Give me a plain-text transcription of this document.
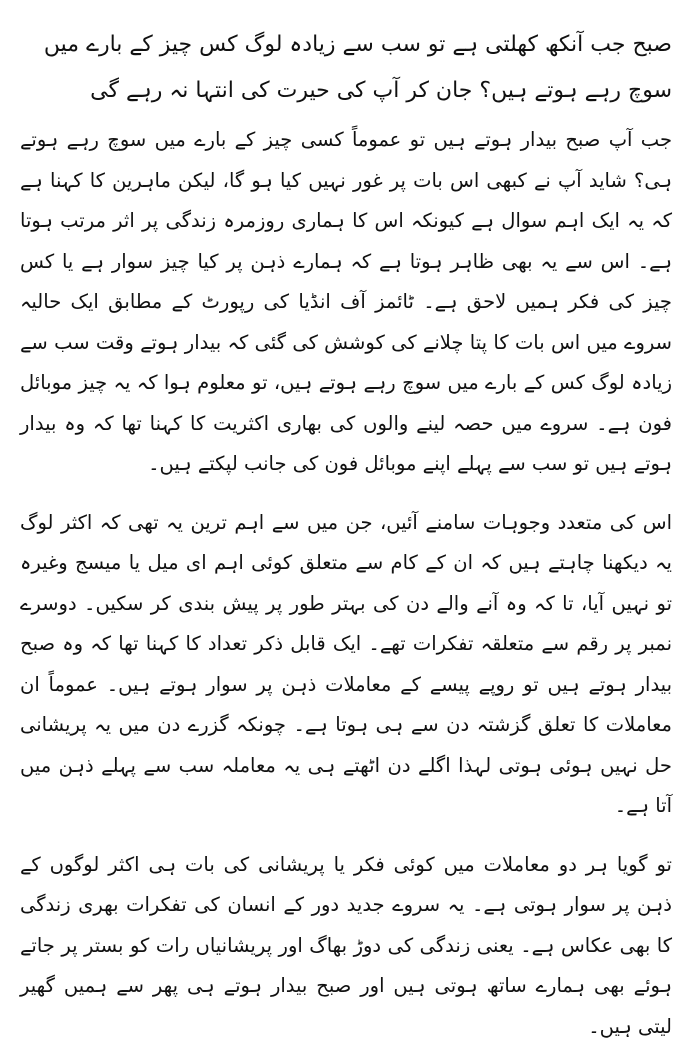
صبح جب آنکھ کھلتی ہے تو سب سے زیادہ لوگ کس چیز کے بارے میں سوچ رہے ہوتے ہیں؟ جان کر آپ کی حیرت کی انتہا نہ رہے گی

جب آپ صبح بیدار ہوتے ہیں تو عموماً کسی چیز کے بارے میں سوچ رہے ہوتے ہی؟ شاید آپ نے کبھی اس بات پر غور نہیں کیا ہو گا، لیکن ماہرین کا کہنا ہے کہ یہ ایک اہم سوال ہے کیونکہ اس کا ہماری روزمرہ زندگی پر اثر مرتب ہوتا ہے۔ اس سے یہ بھی ظاہر ہوتا ہے کہ ہمارے ذہن پر کیا چیز سوار ہے یا کس چیز کی فکر ہمیں لاحق ہے۔ ٹائمز آف انڈیا کی رپورٹ کے مطابق ایک حالیہ سروے میں اس بات کا پتا چلانے کی کوشش کی گئی کہ بیدار ہوتے وقت سب سے زیادہ لوگ کس کے بارے میں سوچ رہے ہوتے ہیں، تو معلوم ہوا کہ یہ چیز موبائل فون ہے۔ سروے میں حصہ لینے والوں کی بھاری اکثریت کا کہنا تھا کہ وہ بیدار ہوتے ہیں تو سب سے پہلے اپنے موبائل فون کی جانب لپکتے ہیں۔

اس کی متعدد وجوہات سامنے آئیں، جن میں سے اہم ترین یہ تھی کہ اکثر لوگ یہ دیکھنا چاہتے ہیں کہ ان کے کام سے متعلق کوئی اہم ای میل یا میسج وغیرہ تو نہیں آیا، تا کہ وہ آنے والے دن کی بہتر طور پر پیش بندی کر سکیں۔ دوسرے نمبر پر رقم سے متعلقہ تفکرات تھے۔ ایک قابل ذکر تعداد کا کہنا تھا کہ وہ صبح بیدار ہوتے ہیں تو روپے پیسے کے معاملات ذہن پر سوار ہوتے ہیں۔ عموماً ان معاملات کا تعلق گزشتہ دن سے ہی ہوتا ہے۔ چونکہ گزرے دن میں یہ پریشانی حل نہیں ہوئی ہوتی لہذا اگلے دن اٹھتے ہی یہ معاملہ سب سے پہلے ذہن میں آتا ہے۔

تو گویا ہر دو معاملات میں کوئی فکر یا پریشانی کی بات ہی اکثر لوگوں کے ذہن پر سوار ہوتی ہے۔ یہ سروے جدید دور کے انسان کی تفکرات بھری زندگی کا بھی عکاس ہے۔ یعنی زندگی کی دوڑ بھاگ اور پریشانیاں رات کو بستر پر جاتے ہوئے بھی ہمارے ساتھ ہوتی ہیں اور صبح بیدار ہوتے ہی پھر سے ہمیں گھیر لیتی ہیں۔
